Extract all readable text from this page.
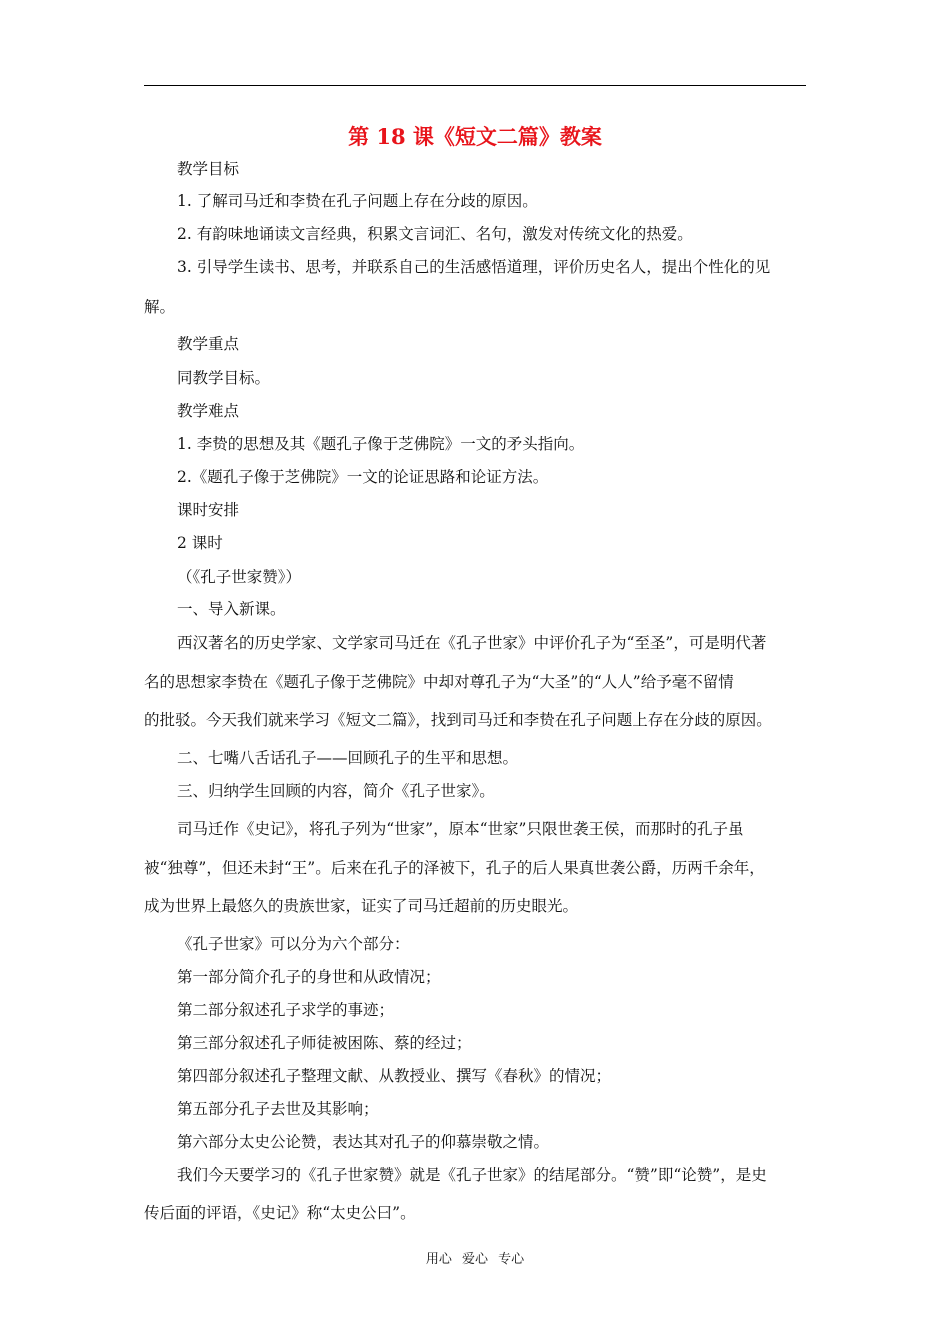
第 18 课《短文二篇》教案
教学目标
1. 了解司马迁和李贽在孔子问题上存在分歧的原因。
2. 有韵味地诵读文言经典，积累文言词汇、名句，激发对传统文化的热爱。
3. 引导学生读书、思考，并联系自己的生活感悟道理，评价历史名人，提出个性化的见
解。
教学重点
同教学目标。
教学难点
1. 李贽的思想及其《题孔子像于芝佛院》一文的矛头指向。
2.《题孔子像于芝佛院》一文的论证思路和论证方法。
课时安排
2 课时
（《孔子世家赞》）
一、导入新课。
西汉著名的历史学家、文学家司马迁在《孔子世家》中评价孔子为“至圣”，可是明代著
名的思想家李贽在《题孔子像于芝佛院》中却对尊孔子为“大圣”的“人人”给予毫不留情
的批驳。今天我们就来学习《短文二篇》，找到司马迁和李贽在孔子问题上存在分歧的原因。
二、七嘴八舌话孔子——回顾孔子的生平和思想。
三、归纳学生回顾的内容，简介《孔子世家》。
司马迁作《史记》，将孔子列为“世家”，原本“世家”只限世袭王侯，而那时的孔子虽
被“独尊”，但还未封“王”。后来在孔子的泽被下，孔子的后人果真世袭公爵，历两千余年，
成为世界上最悠久的贵族世家，证实了司马迁超前的历史眼光。
《孔子世家》可以分为六个部分：
第一部分简介孔子的身世和从政情况；
第二部分叙述孔子求学的事迹；
第三部分叙述孔子师徒被困陈、蔡的经过；
第四部分叙述孔子整理文献、从教授业、撰写《春秋》的情况；
第五部分孔子去世及其影响；
第六部分太史公论赞，表达其对孔子的仰慕崇敬之情。
我们今天要学习的《孔子世家赞》就是《孔子世家》的结尾部分。“赞”即“论赞”，是史
传后面的评语，《史记》称“太史公曰”。
用心 爱心 专心
